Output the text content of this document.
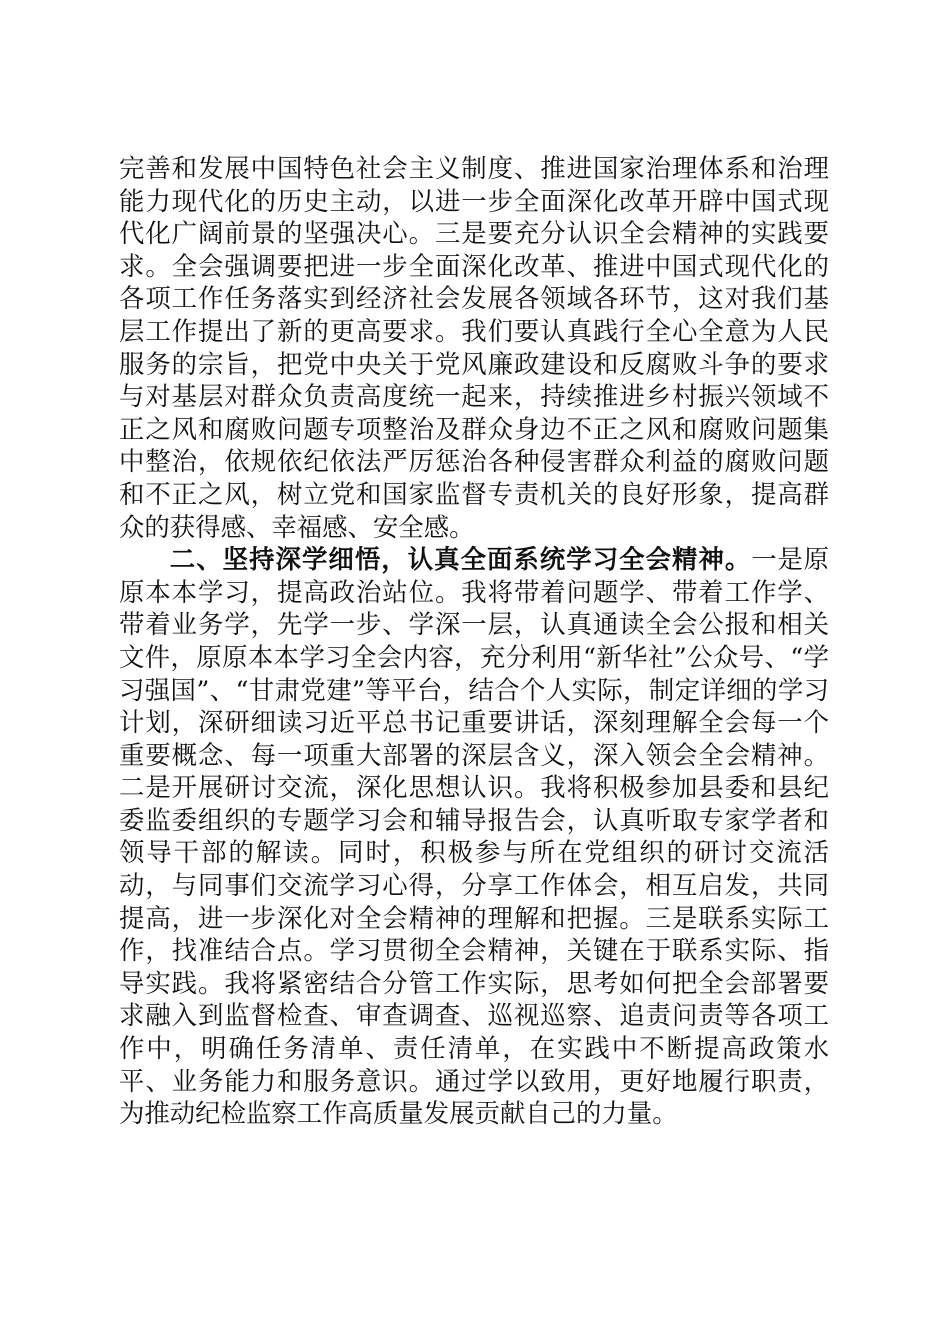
完善和发展中国特色社会主义制度、推进国家治理体系和治理能力现代化的历史主动，以进一步全面深化改革开辟中国式现代化广阔前景的坚强决心。三是要充分认识全会精神的实践要求。全会强调要把进一步全面深化改革、推进中国式现代化的各项工作任务落实到经济社会发展各领域各环节，这对我们基层工作提出了新的更高要求。我们要认真践行全心全意为人民服务的宗旨，把党中央关于党风廉政建设和反腐败斗争的要求与对基层对群众负责高度统一起来，持续推进乡村振兴领域不正之风和腐败问题专项整治及群众身边不正之风和腐败问题集中整治，依规依纪依法严厉惩治各种侵害群众利益的腐败问题和不正之风，树立党和国家监督专责机关的良好形象，提高群众的获得感、幸福感、安全感。

二、坚持深学细悟，认真全面系统学习全会精神。一是原原本本学习，提高政治站位。我将带着问题学、带着工作学、带着业务学，先学一步、学深一层，认真通读全会公报和相关文件，原原本本学习全会内容，充分利用“新华社”公众号、“学习强国”、“甘肃党建”等平台，结合个人实际，制定详细的学习计划，深研细读习近平总书记重要讲话，深刻理解全会每一个重要概念、每一项重大部署的深层含义，深入领会全会精神。二是开展研讨交流，深化思想认识。我将积极参加县委和县纪委监委组织的专题学习会和辅导报告会，认真听取专家学者和领导干部的解读。同时，积极参与所在党组织的研讨交流活动，与同事们交流学习心得，分享工作体会，相互启发，共同提高，进一步深化对全会精神的理解和把握。三是联系实际工作，找准结合点。学习贯彻全会精神，关键在于联系实际、指导实践。我将紧密结合分管工作实际，思考如何把全会部署要求融入到监督检查、审查调查、巡视巡察、追责问责等各项工作中，明确任务清单、责任清单，在实践中不断提高政策水平、业务能力和服务意识。通过学以致用，更好地履行职责，为推动纪检监察工作高质量发展贡献自己的力量。
